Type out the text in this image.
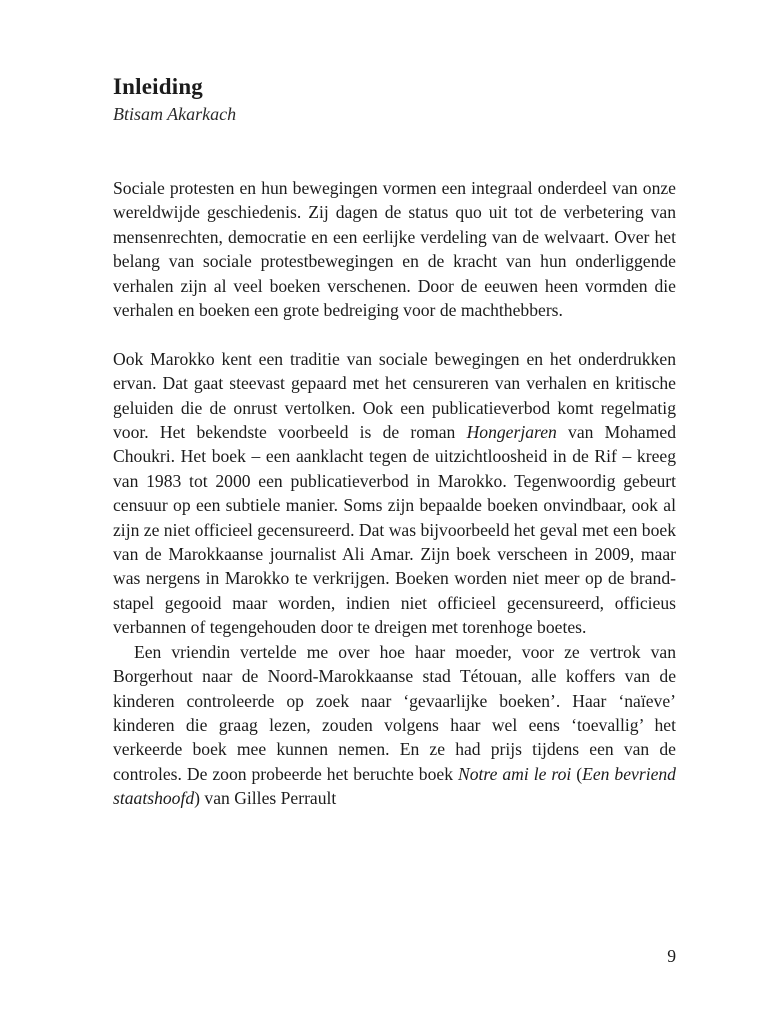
Inleiding

Btisam Akarkach

Sociale protesten en hun bewegingen vormen een integraal onderdeel van onze wereldwijde geschiedenis. Zij dagen de status quo uit tot de verbetering van mensenrechten, democratie en een eerlijke verdeling van de welvaart. Over het belang van sociale protestbewegingen en de kracht van hun onderliggende verhalen zijn al veel boeken verschenen. Door de eeuwen heen vormden die verhalen en boeken een grote bedreiging voor de machthebbers.

Ook Marokko kent een traditie van sociale bewegingen en het onderdrukken ervan. Dat gaat steevast gepaard met het censureren van verhalen en kritische geluiden die de onrust vertolken. Ook een publicatieverbod komt regelmatig voor. Het bekendste voorbeeld is de roman Hongerjaren van Mohamed Choukri. Het boek – een aanklacht tegen de uitzichtloosheid in de Rif – kreeg van 1983 tot 2000 een publicatieverbod in Marokko. Tegenwoordig gebeurt censuur op een subtiele manier. Soms zijn bepaalde boeken onvindbaar, ook al zijn ze niet officieel gecensureerd. Dat was bijvoorbeeld het geval met een boek van de Marokkaanse journalist Ali Amar. Zijn boek verscheen in 2009, maar was nergens in Marokko te verkrijgen. Boeken worden niet meer op de brandstapel gegooid maar worden, indien niet officieel gecensureerd, officieus verbannen of tegengehouden door te dreigen met torenhoge boetes.

Een vriendin vertelde me over hoe haar moeder, voor ze vertrok van Borgerhout naar de Noord-Marokkaanse stad Tétouan, alle koffers van de kinderen controleerde op zoek naar ‘gevaarlijke boeken’. Haar ‘naïeve’ kinderen die graag lezen, zouden volgens haar wel eens ‘toevallig’ het verkeerde boek mee kunnen nemen. En ze had prijs tijdens een van de controles. De zoon probeerde het beruchte boek Notre ami le roi (Een bevriend staatshoofd) van Gilles Perrault

9
